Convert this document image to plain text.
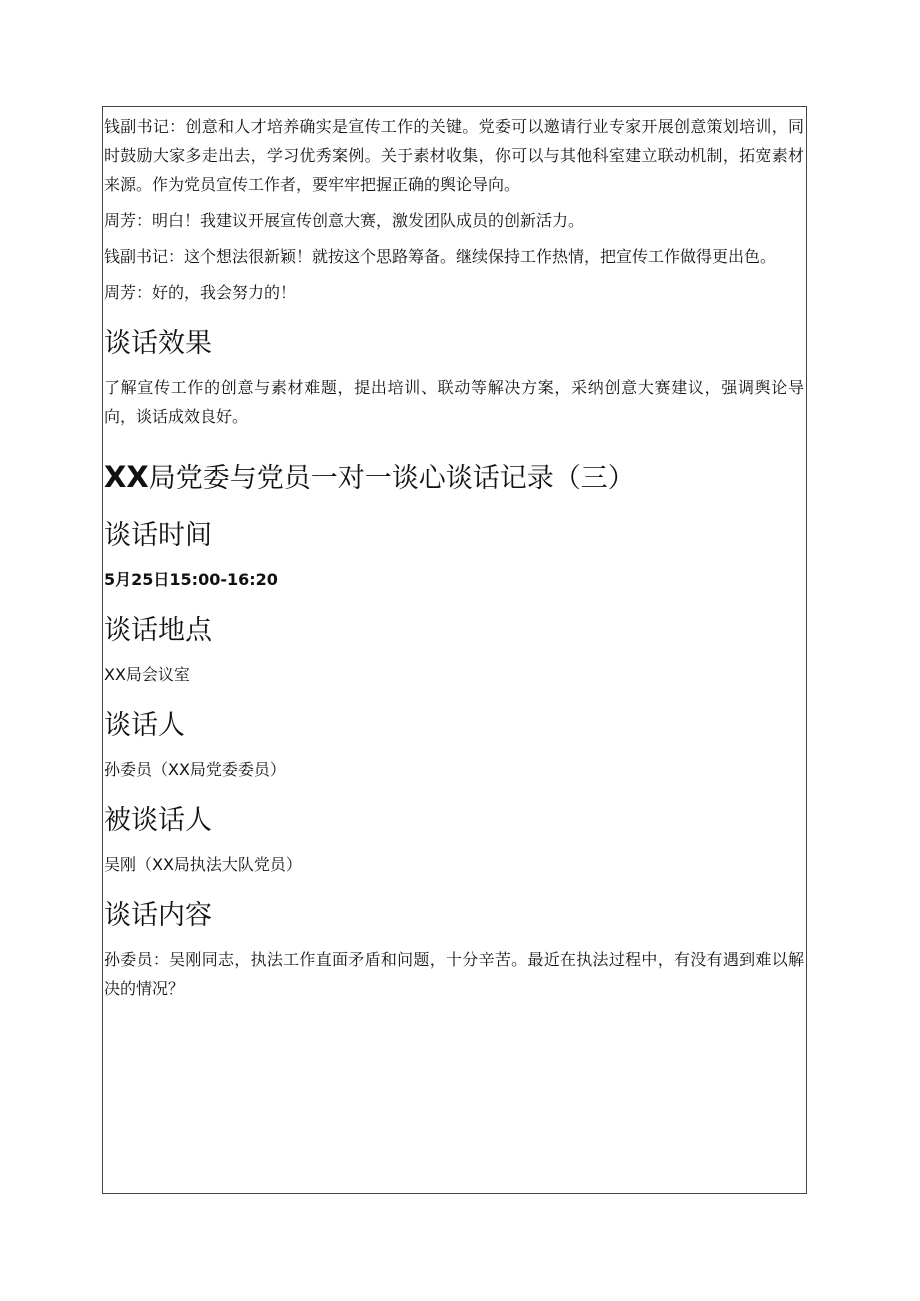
钱副书记：创意和人才培养确实是宣传工作的关键。党委可以邀请行业专家开展创意策划培训，同时鼓励大家多走出去，学习优秀案例。关于素材收集，你可以与其他科室建立联动机制，拓宽素材来源。作为党员宣传工作者，要牢牢把握正确的舆论导向。

周芳：明白！我建议开展宣传创意大赛，激发团队成员的创新活力。

钱副书记：这个想法很新颖！就按这个思路筹备。继续保持工作热情，把宣传工作做得更出色。

周芳：好的，我会努力的！

谈话效果

了解宣传工作的创意与素材难题，提出培训、联动等解决方案，采纳创意大赛建议，强调舆论导向，谈话成效良好。

XX局党委与党员一对一谈心谈话记录（三）
谈话时间

5月25日15:00-16:20

谈话地点

XX局会议室

谈话人

孙委员（XX局党委委员）

被谈话人

吴刚（XX局执法大队党员）

谈话内容

孙委员：吴刚同志，执法工作直面矛盾和问题，十分辛苦。最近在执法过程中，有没有遇到难以解决的情况？
